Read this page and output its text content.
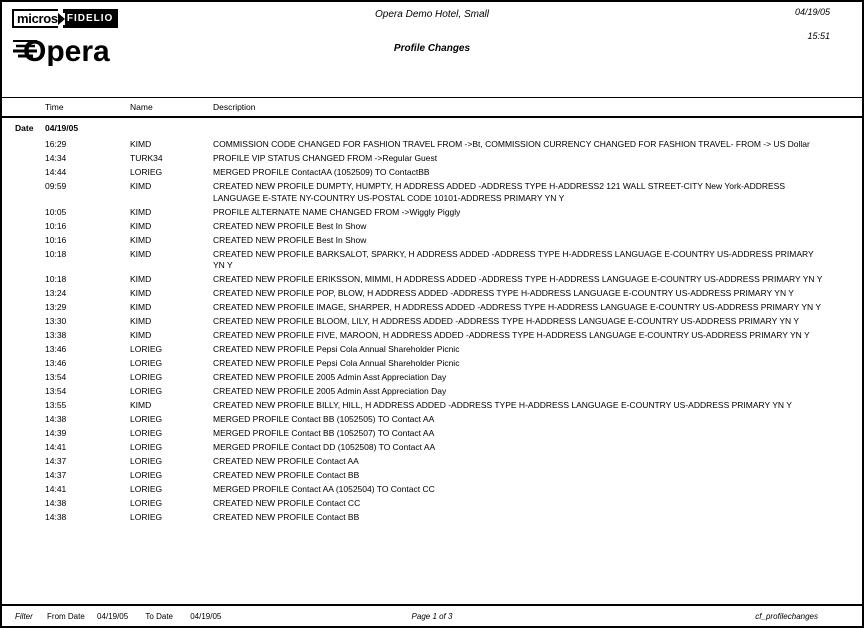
micros FIDELIO
Opera
Opera Demo Hotel, Small
Profile Changes
04/19/05
15:51
Time	Name	Description
Date	04/19/05
16:29	KIMD	COMMISSION CODE CHANGED FOR FASHION TRAVEL FROM ->Bt, COMMISSION CURRENCY CHANGED FOR FASHION TRAVEL- FROM -> US Dollar
14:34	TURK34	PROFILE VIP STATUS CHANGED FROM ->Regular Guest
14:44	LORIEG	MERGED PROFILE ContactAA (1052509) TO ContactBB
09:59	KIMD	CREATED NEW PROFILE DUMPTY, HUMPTY, H ADDRESS ADDED -ADDRESS TYPE H-ADDRESS2 121 WALL STREET-CITY New York-ADDRESS LANGUAGE E-STATE NY-COUNTRY US-POSTAL CODE 10101-ADDRESS PRIMARY YN Y
10:05	KIMD	PROFILE ALTERNATE NAME CHANGED FROM ->Wiggly Piggly
10:16	KIMD	CREATED NEW PROFILE Best In Show
10:16	KIMD	CREATED NEW PROFILE Best In Show
10:18	KIMD	CREATED NEW PROFILE BARKSALOT, SPARKY, H ADDRESS ADDED -ADDRESS TYPE H-ADDRESS LANGUAGE E-COUNTRY US-ADDRESS PRIMARY YN Y
10:18	KIMD	CREATED NEW PROFILE ERIKSSON, MIMMI, H ADDRESS ADDED -ADDRESS TYPE H-ADDRESS LANGUAGE E-COUNTRY US-ADDRESS PRIMARY YN Y
13:24	KIMD	CREATED NEW PROFILE POP, BLOW, H ADDRESS ADDED -ADDRESS TYPE H-ADDRESS LANGUAGE E-COUNTRY US-ADDRESS PRIMARY YN Y
13:29	KIMD	CREATED NEW PROFILE IMAGE, SHARPER, H ADDRESS ADDED -ADDRESS TYPE H-ADDRESS LANGUAGE E-COUNTRY US-ADDRESS PRIMARY YN Y
13:30	KIMD	CREATED NEW PROFILE BLOOM, LILY, H ADDRESS ADDED -ADDRESS TYPE H-ADDRESS LANGUAGE E-COUNTRY US-ADDRESS PRIMARY YN Y
13:38	KIMD	CREATED NEW PROFILE FIVE, MAROON, H ADDRESS ADDED -ADDRESS TYPE H-ADDRESS LANGUAGE E-COUNTRY US-ADDRESS PRIMARY YN Y
13:46	LORIEG	CREATED NEW PROFILE Pepsi Cola Annual Shareholder Picnic
13:46	LORIEG	CREATED NEW PROFILE Pepsi Cola Annual Shareholder Picnic
13:54	LORIEG	CREATED NEW PROFILE 2005 Admin Asst Appreciation Day
13:54	LORIEG	CREATED NEW PROFILE 2005 Admin Asst Appreciation Day
13:55	KIMD	CREATED NEW PROFILE BILLY, HILL, H ADDRESS ADDED -ADDRESS TYPE H-ADDRESS LANGUAGE E-COUNTRY US-ADDRESS PRIMARY YN Y
14:38	LORIEG	MERGED PROFILE Contact BB (1052505) TO Contact AA
14:39	LORIEG	MERGED PROFILE Contact BB (1052507) TO Contact AA
14:41	LORIEG	MERGED PROFILE Contact DD (1052508) TO Contact AA
14:37	LORIEG	CREATED NEW PROFILE Contact AA
14:37	LORIEG	CREATED NEW PROFILE Contact BB
14:41	LORIEG	MERGED PROFILE Contact AA (1052504) TO Contact CC
14:38	LORIEG	CREATED NEW PROFILE Contact CC
14:38	LORIEG	CREATED NEW PROFILE Contact BB
Filter From Date 04/19/05 To Date 04/19/05	Page 1 of 3	cf_profilechanges
